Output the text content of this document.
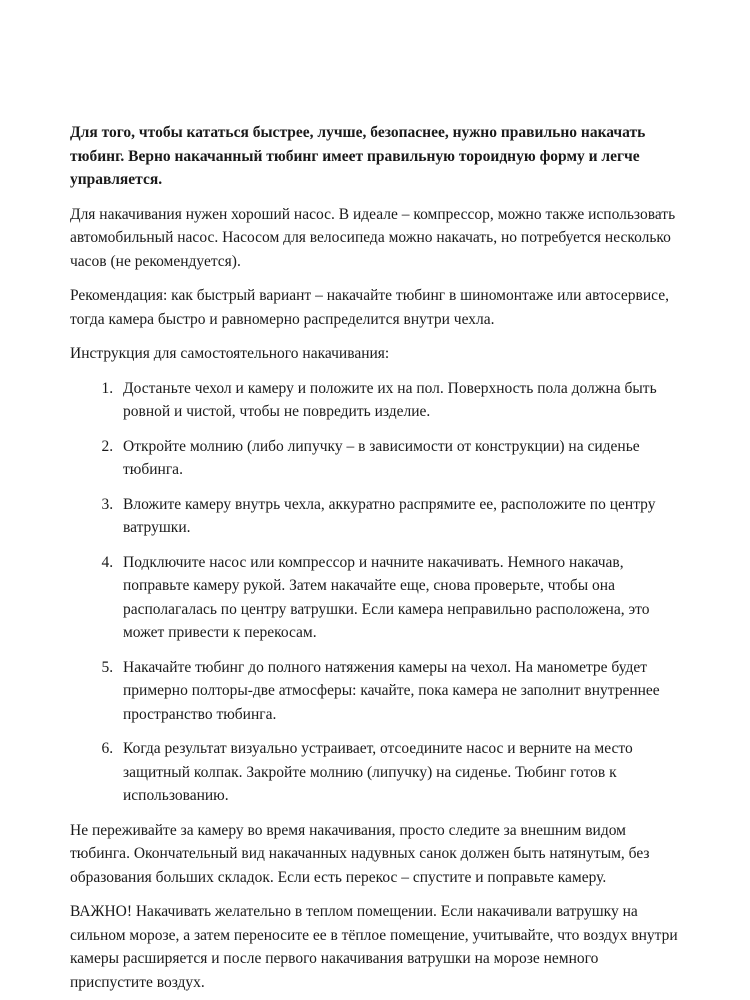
Для того, чтобы кататься быстрее, лучше, безопаснее, нужно правильно накачать тюбинг. Верно накачанный тюбинг имеет правильную тороидную форму и легче управляется.

Для накачивания нужен хороший насос. В идеале – компрессор, можно также использовать автомобильный насос. Насосом для велосипеда можно накачать, но потребуется несколько часов (не рекомендуется).

Рекомендация: как быстрый вариант – накачайте тюбинг в шиномонтаже или автосервисе, тогда камера быстро и равномерно распределится внутри чехла.

Инструкция для самостоятельного накачивания:

1. Достаньте чехол и камеру и положите их на пол. Поверхность пола должна быть ровной и чистой, чтобы не повредить изделие.
2. Откройте молнию (либо липучку – в зависимости от конструкции) на сиденье тюбинга.
3. Вложите камеру внутрь чехла, аккуратно распрямите ее, расположите по центру ватрушки.
4. Подключите насос или компрессор и начните накачивать. Немного накачав, поправьте камеру рукой. Затем накачайте еще, снова проверьте, чтобы она располагалась по центру ватрушки. Если камера неправильно расположена, это может привести к перекосам.
5. Накачайте тюбинг до полного натяжения камеры на чехол. На манометре будет примерно полторы-две атмосферы: качайте, пока камера не заполнит внутреннее пространство тюбинга.
6. Когда результат визуально устраивает, отсоедините насос и верните на место защитный колпак. Закройте молнию (липучку) на сиденье. Тюбинг готов к использованию.

Не переживайте за камеру во время накачивания, просто следите за внешним видом тюбинга. Окончательный вид накачанных надувных санок должен быть натянутым, без образования больших складок. Если есть перекос – спустите и поправьте камеру.

ВАЖНО! Накачивать желательно в теплом помещении. Если накачивали ватрушку на сильном морозе, а затем переносите ее в тёплое помещение, учитывайте, что воздух внутри камеры расширяется и после первого накачивания ватрушки на морозе немного приспустите воздух.
